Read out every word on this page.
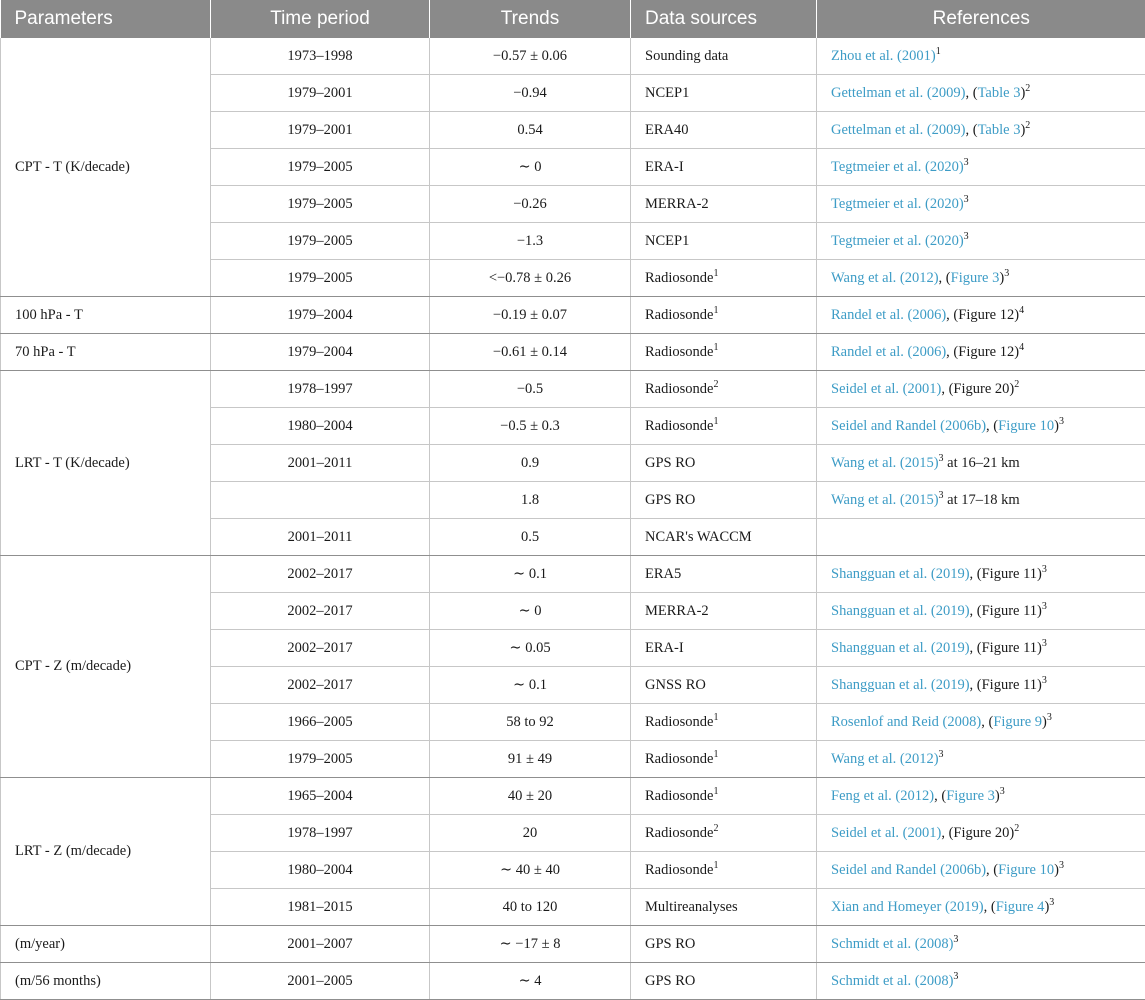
Parameters	Time period	Trends	Data sources	References
CPT - T (K/decade)	1973–1998	−0.57 ± 0.06	Sounding data	Zhou et al. $(2001)^1$
	1979–2001	−0.94	NCEP1	Gettelman et al. (2009), (Table 3)$^2$
	1979–2001	0.54	ERA40	Gettelman et al. (2009), (Table 3)$^2$
	1979–2005	∼ 0	ERA-I	Tegtmeier et al. $(2020)^3$
	1979–2005	−0.26	MERRA-2	Tegtmeier et al. $(2020)^3$
	1979–2005	−1.3	NCEP1	Tegtmeier et al. $(2020)^3$
	1979–2005	<−0.78 ± 0.26	Radiosonde$^1$	Wang et al. (2012), (Figure 3)$^3$
100 hPa - T	1979–2004	−0.19 ± 0.07	Radiosonde$^1$	Randel et al. (2006), (Figure 12)$^4$
70 hPa - T	1979–2004	−0.61 ± 0.14	Radiosonde$^1$	Randel et al. (2006), (Figure 12)$^4$
LRT - T (K/decade)	1978–1997	−0.5	Radiosonde$^2$	Seidel et al. (2001), (Figure 20)$^2$
	1980–2004	−0.5 ± 0.3	Radiosonde$^1$	Seidel and Randel (2006b), (Figure 10)$^3$
	2001–2011	0.9	GPS RO	Wang et al. $(2015)^3$ at 16–21 km
		1.8	GPS RO	Wang et al. $(2015)^3$ at 17–18 km
	2001–2011	0.5	NCAR's WACCM	
CPT - Z (m/decade)	2002–2017	∼ 0.1	ERA5	Shangguan et al. (2019), (Figure 11)$^3$
	2002–2017	∼ 0	MERRA-2	Shangguan et al. (2019), (Figure 11)$^3$
	2002–2017	∼ 0.05	ERA-I	Shangguan et al. (2019), (Figure 11)$^3$
	2002–2017	∼ 0.1	GNSS RO	Shangguan et al. (2019), (Figure 11)$^3$
	1966–2005	58 to 92	Radiosonde$^1$	Rosenlof and Reid (2008), (Figure 9)$^3$
	1979–2005	91 ± 49	Radiosonde$^1$	Wang et al. $(2012)^3$
LRT - Z (m/decade)	1965–2004	40 ± 20	Radiosonde$^1$	Feng et al. (2012), (Figure 3)$^3$
	1978–1997	20	Radiosonde$^2$	Seidel et al. (2001), (Figure 20)$^2$
	1980–2004	∼ 40 ± 40	Radiosonde$^1$	Seidel and Randel (2006b), (Figure 10)$^3$
	1981–2015	40 to 120	Multireanalyses	Xian and Homeyer (2019), (Figure 4)$^3$
(m/year)	2001–2007	∼ −17 ± 8	GPS RO	Schmidt et al. $(2008)^3$
(m/56 months)	2001–2005	∼ 4	GPS RO	Schmidt et al. $(2008)^3$
